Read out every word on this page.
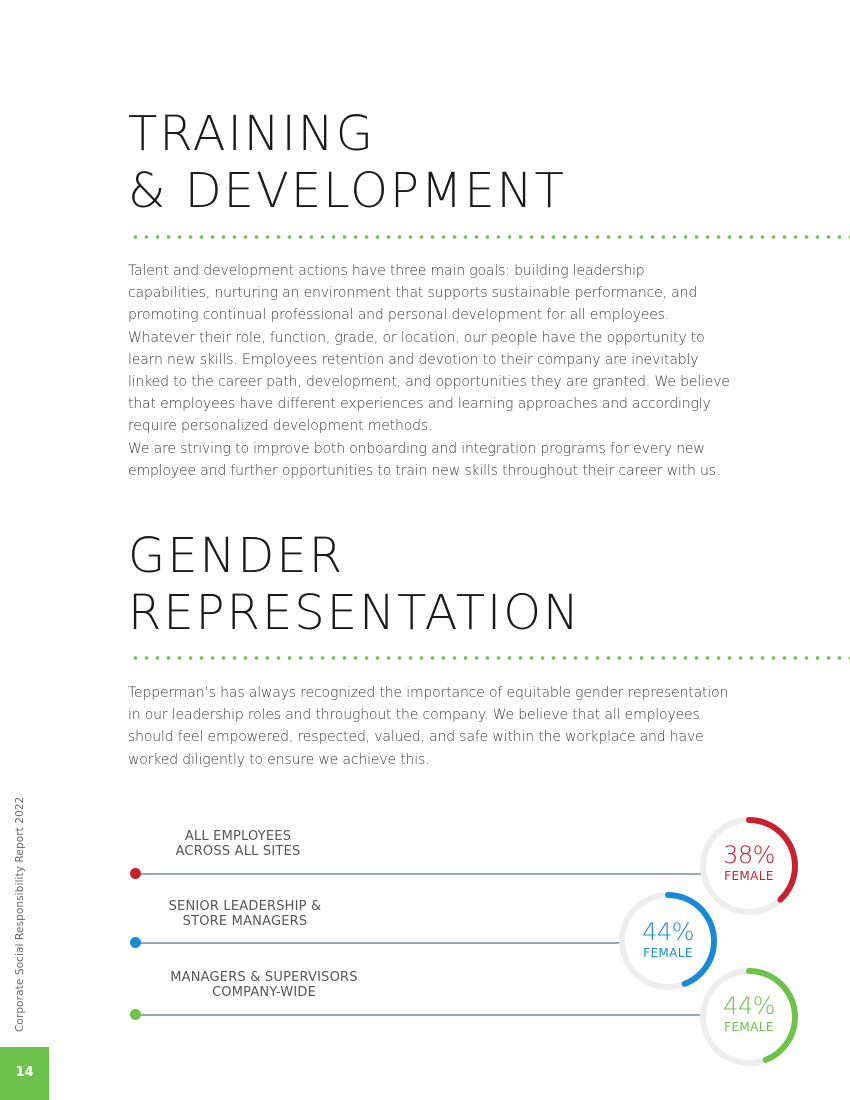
TRAINING
& DEVELOPMENT

Talent and development actions have three main goals: building leadership
capabilities, nurturing an environment that supports sustainable performance, and
promoting continual professional and personal development for all employees.
Whatever their role, function, grade, or location, our people have the opportunity to
learn new skills. Employees retention and devotion to their company are inevitably
linked to the career path, development, and opportunities they are granted. We believe
that employees have different experiences and learning approaches and accordingly
require personalized development methods.
We are striving to improve both onboarding and integration programs for every new
employee and further opportunities to train new skills throughout their career with us.

GENDER
REPRESENTATION

Tepperman’s has always recognized the importance of equitable gender representation
in our leadership roles and throughout the company. We believe that all employees
should feel empowered, respected, valued, and safe within the workplace and have
worked diligently to ensure we achieve this.

ALL EMPLOYEES
ACROSS ALL SITES

SENIOR LEADERSHIP &
STORE MANAGERS

MANAGERS & SUPERVISORS
COMPANY-WIDE

38%
FEMALE
44%
FEMALE
44%
FEMALE
Corporate Social Responsibility Report 2022
14
